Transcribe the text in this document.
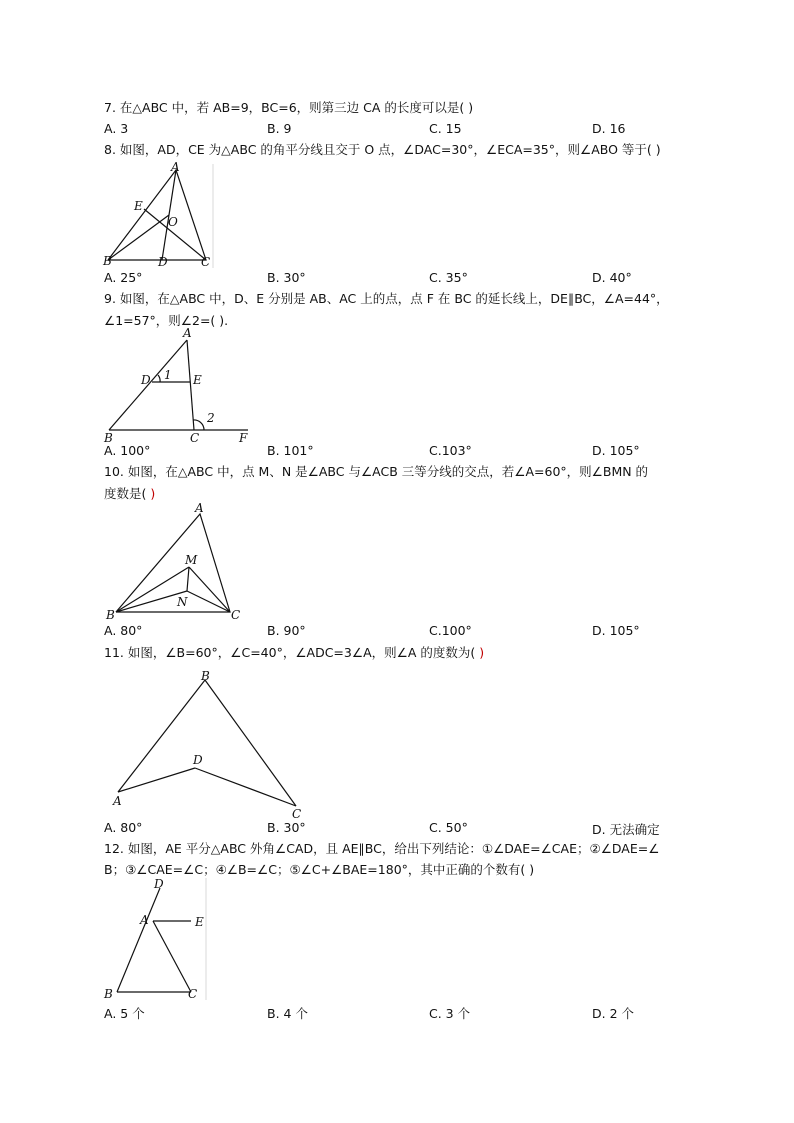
7. 在△ABC 中，若 AB=9，BC=6，则第三边 CA 的长度可以是( )
A. 3	B. 9	C. 15	D. 16
8. 如图，AD，CE 为△ABC 的角平分线且交于 O 点，∠DAC=30°，∠ECA=35°，则∠ABO 等于( )
A
E
O
B	D	C
A. 25°	B. 30°	C. 35°	D. 40°
9. 如图，在△ABC 中，D、E 分别是 AB、AC 上的点，点 F 在 BC 的延长线上，DE∥BC，∠A=44°，
∠1=57°，则∠2=( ).
A
D 1 E
2
B	C	F
A. 100°	B. 101°	C.103°	D. 105°
10. 如图，在△ABC 中，点 M、N 是∠ABC 与∠ACB 三等分线的交点，若∠A=60°，则∠BMN 的
度数是( )
A
M
N
B	C
A. 80°	B. 90°	C.100°	D. 105°
11. 如图，∠B=60°，∠C=40°，∠ADC=3∠A，则∠A 的度数为( )
B
D
A
C
A. 80°	B. 30°	C. 50°	D. 无法确定
12. 如图，AE 平分△ABC 外角∠CAD，且 AE∥BC，给出下列结论：①∠DAE=∠CAE；②∠DAE=∠
B；③∠CAE=∠C；④∠B=∠C；⑤∠C+∠BAE=180°，其中正确的个数有( )
D
A	E
B	C
A. 5 个	B. 4 个	C. 3 个	D. 2 个
